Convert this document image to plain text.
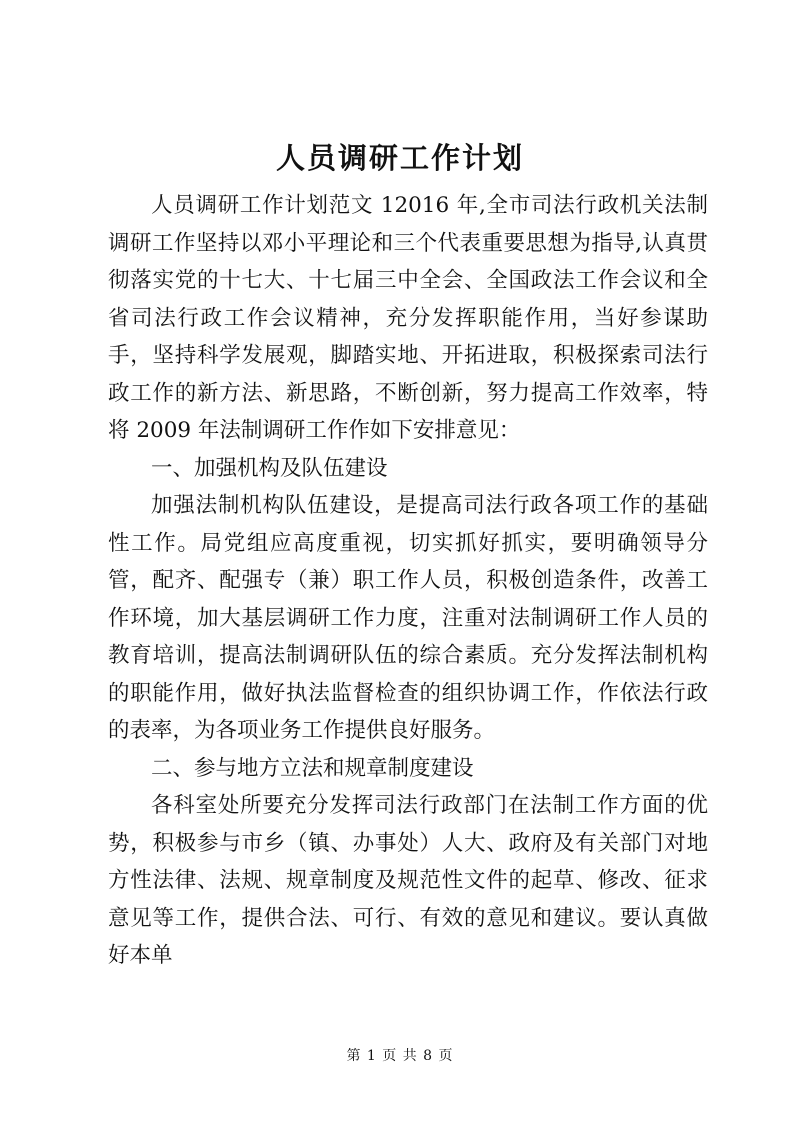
人员调研工作计划

人员调研工作计划范文 12016 年,全市司法行政机关法制调研工作坚持以邓小平理论和三个代表重要思想为指导,认真贯彻落实党的十七大、十七届三中全会、全国政法工作会议和全省司法行政工作会议精神，充分发挥职能作用，当好参谋助手，坚持科学发展观，脚踏实地、开拓进取，积极探索司法行政工作的新方法、新思路，不断创新，努力提高工作效率，特将 2009 年法制调研工作作如下安排意见：

一、加强机构及队伍建设

加强法制机构队伍建设，是提高司法行政各项工作的基础性工作。局党组应高度重视，切实抓好抓实，要明确领导分管，配齐、配强专（兼）职工作人员，积极创造条件，改善工作环境，加大基层调研工作力度，注重对法制调研工作人员的教育培训，提高法制调研队伍的综合素质。充分发挥法制机构的职能作用，做好执法监督检查的组织协调工作，作依法行政的表率，为各项业务工作提供良好服务。

二、参与地方立法和规章制度建设

各科室处所要充分发挥司法行政部门在法制工作方面的优势，积极参与市乡（镇、办事处）人大、政府及有关部门对地方性法律、法规、规章制度及规范性文件的起草、修改、征求意见等工作，提供合法、可行、有效的意见和建议。要认真做好本单

第 1 页 共 8 页
